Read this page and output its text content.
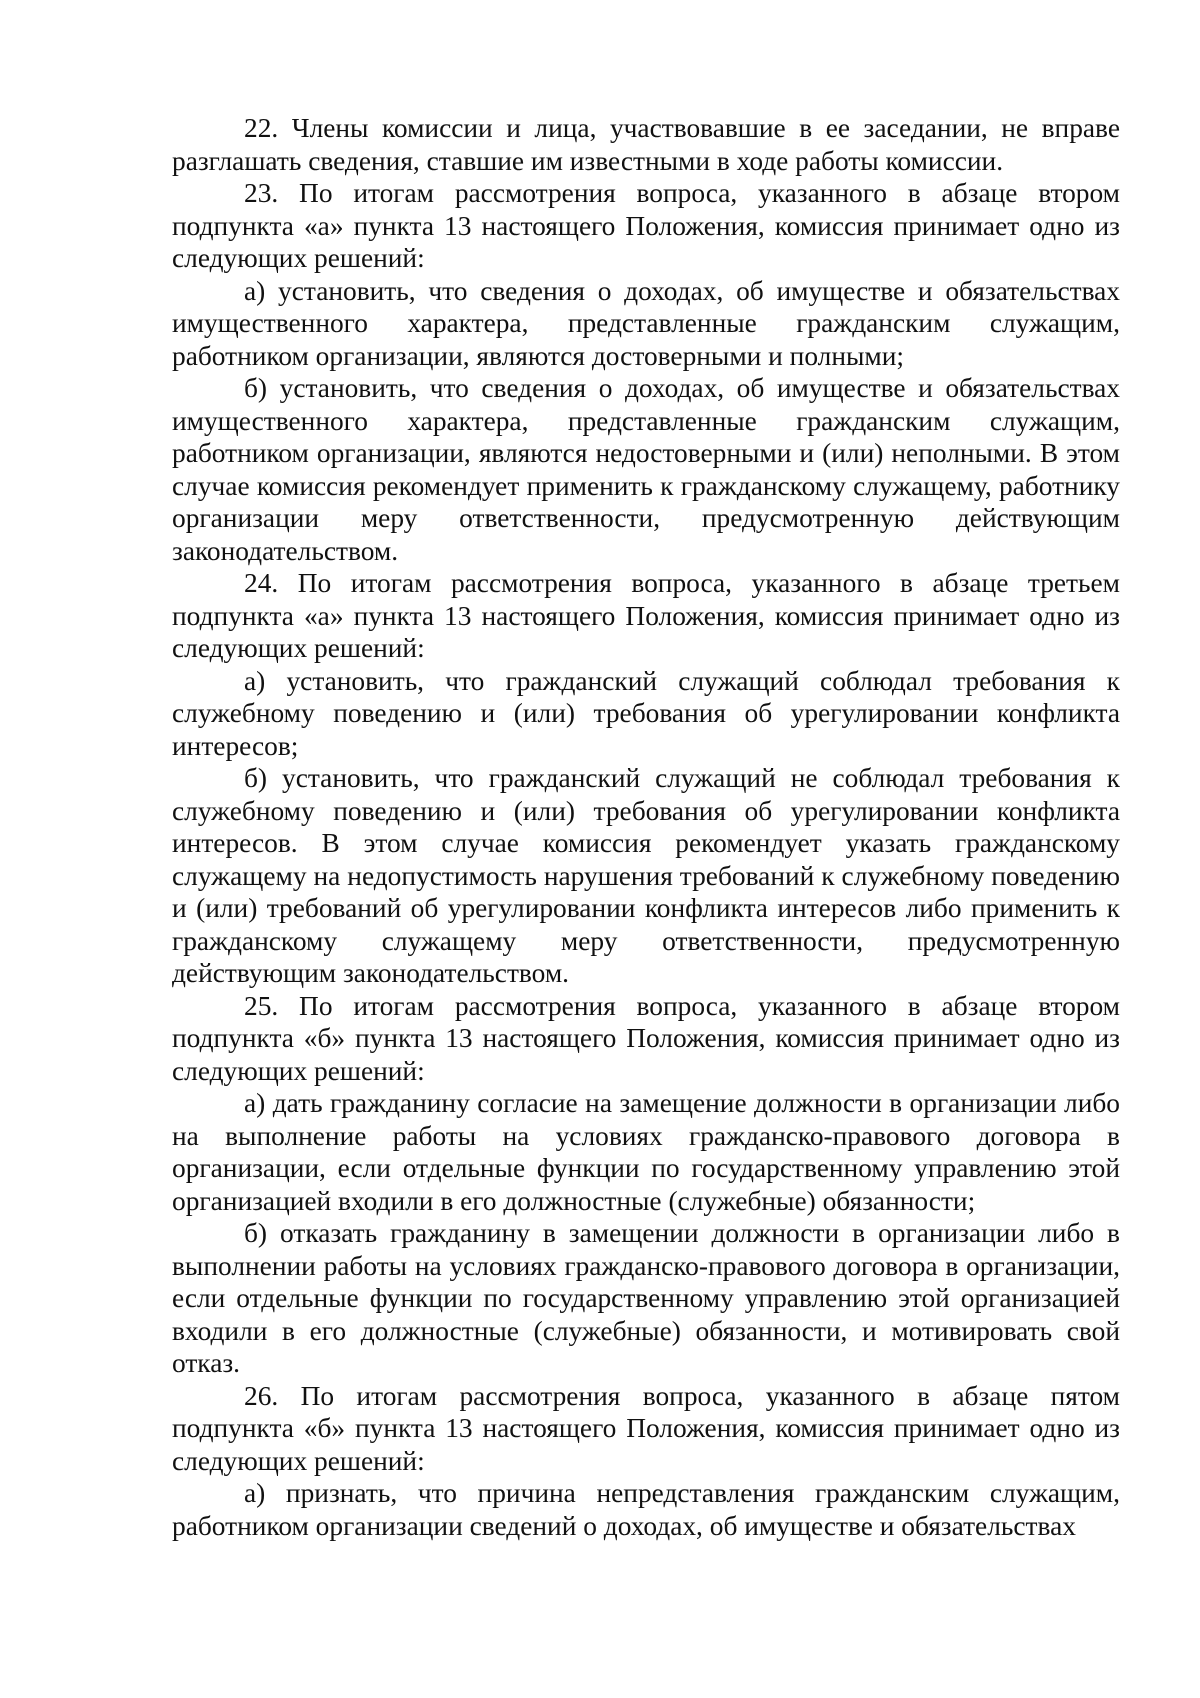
22. Члены комиссии и лица, участвовавшие в ее заседании, не вправе разглашать сведения, ставшие им известными в ходе работы комиссии.

23. По итогам рассмотрения вопроса, указанного в абзаце втором подпункта «а» пункта 13 настоящего Положения, комиссия принимает одно из следующих решений:

а) установить, что сведения о доходах, об имуществе и обязательствах имущественного характера, представленные гражданским служащим, работником организации, являются достоверными и полными;

б) установить, что сведения о доходах, об имуществе и обязательствах имущественного характера, представленные гражданским служащим, работником организации, являются недостоверными и (или) неполными. В этом случае комиссия рекомендует применить к гражданскому служащему, работнику организации меру ответственности, предусмотренную действующим законодательством.

24. По итогам рассмотрения вопроса, указанного в абзаце третьем подпункта «а» пункта 13 настоящего Положения, комиссия принимает одно из следующих решений:

а) установить, что гражданский служащий соблюдал требования к служебному поведению и (или) требования об урегулировании конфликта интересов;

б) установить, что гражданский служащий не соблюдал требования к служебному поведению и (или) требования об урегулировании конфликта интересов. В этом случае комиссия рекомендует указать гражданскому служащему на недопустимость нарушения требований к служебному поведению и (или) требований об урегулировании конфликта интересов либо применить к гражданскому служащему меру ответственности, предусмотренную действующим законодательством.

25. По итогам рассмотрения вопроса, указанного в абзаце втором подпункта «б» пункта 13 настоящего Положения, комиссия принимает одно из следующих решений:

а) дать гражданину согласие на замещение должности в организации либо на выполнение работы на условиях гражданско-правового договора в организации, если отдельные функции по государственному управлению этой организацией входили в его должностные (служебные) обязанности;

б) отказать гражданину в замещении должности в организации либо в выполнении работы на условиях гражданско-правового договора в организации, если отдельные функции по государственному управлению этой организацией входили в его должностные (служебные) обязанности, и мотивировать свой отказ.

26. По итогам рассмотрения вопроса, указанного в абзаце пятом подпункта «б» пункта 13 настоящего Положения, комиссия принимает одно из следующих решений:

а) признать, что причина непредставления гражданским служащим, работником организации сведений о доходах, об имуществе и обязательствах
